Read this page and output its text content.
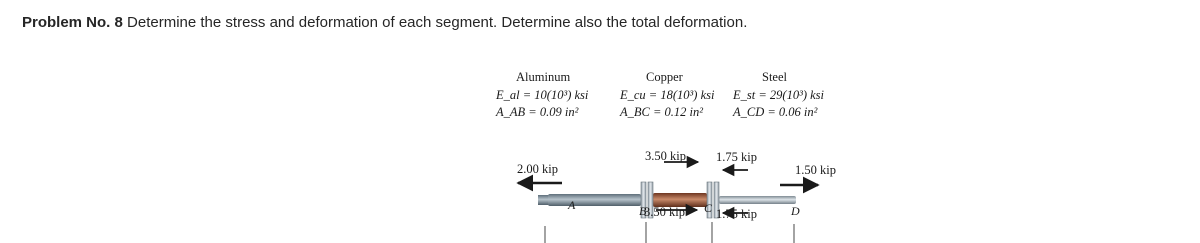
Problem No. 8 Determine the stress and deformation of each segment. Determine also the total deformation.
Aluminum
E_al = 10(10³) ksi
A_AB = 0.09 in²
Copper
E_cu = 18(10³) ksi
A_BC = 0.12 in²
Steel
E_st = 29(10³) ksi
A_CD = 0.06 in²
2.00 kip	1.50 kip
3.50 kip
3.50 kip
1.75 kip
1.75 kip
A	B	C	D
